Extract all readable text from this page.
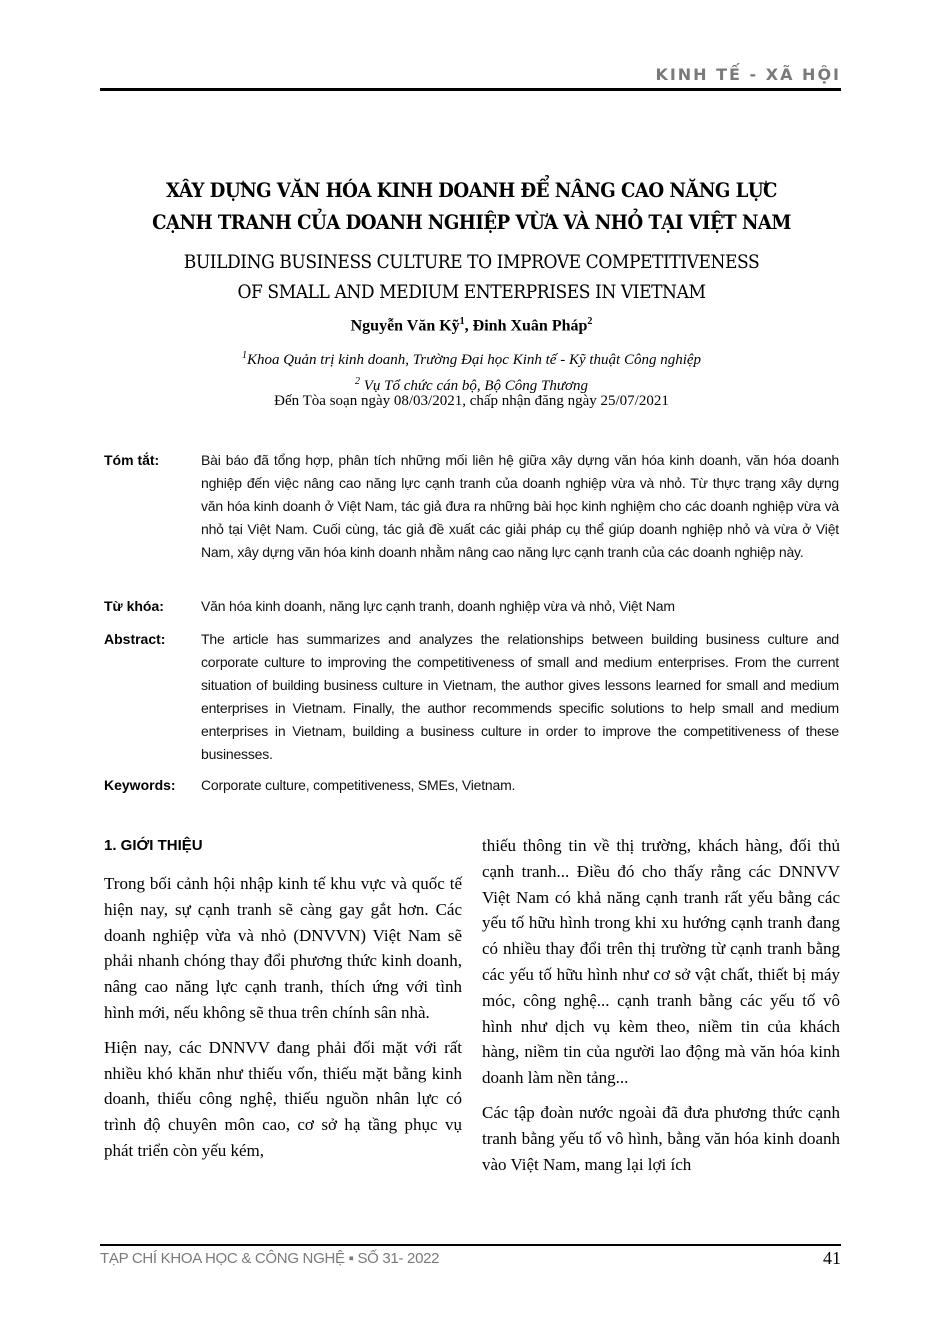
KINH TẾ - XÃ HỘI
XÂY DỰNG VĂN HÓA KINH DOANH ĐỂ NÂNG CAO NĂNG LỰC
CẠNH TRANH CỦA DOANH NGHIỆP VỪA VÀ NHỎ TẠI VIỆT NAM
BUILDING BUSINESS CULTURE TO IMPROVE COMPETITIVENESS
OF SMALL AND MEDIUM ENTERPRISES IN VIETNAM
Nguyễn Văn Kỹ$^1$, Đinh Xuân Pháp$^2$
$^1$Khoa Quản trị kinh doanh, Trường Đại học Kinh tế - Kỹ thuật Công nghiệp
$^2$ Vụ Tổ chức cán bộ, Bộ Công Thương
Đến Tòa soạn ngày 08/03/2021, chấp nhận đăng ngày 25/07/2021
Tóm tắt:	Bài báo đã tổng hợp, phân tích những mối liên hệ giữa xây dựng văn hóa kinh doanh, văn hóa doanh nghiệp đến việc nâng cao năng lực cạnh tranh của doanh nghiệp vừa và nhỏ. Từ thực trạng xây dựng văn hóa kinh doanh ở Việt Nam, tác giả đưa ra những bài học kinh nghiệm cho các doanh nghiệp vừa và nhỏ tại Việt Nam. Cuối cùng, tác giả đề xuất các giải pháp cụ thể giúp doanh nghiệp nhỏ và vừa ở Việt Nam, xây dựng văn hóa kinh doanh nhằm nâng cao năng lực cạnh tranh của các doanh nghiệp này.
Từ khóa:	Văn hóa kinh doanh, năng lực cạnh tranh, doanh nghiệp vừa và nhỏ, Việt Nam
Abstract:	The article has summarizes and analyzes the relationships between building business culture and corporate culture to improving the competitiveness of small and medium enterprises. From the current situation of building business culture in Vietnam, the author gives lessons learned for small and medium enterprises in Vietnam. Finally, the author recommends specific solutions to help small and medium enterprises in Vietnam, building a business culture in order to improve the competitiveness of these businesses.
Keywords:	Corporate culture, competitiveness, SMEs, Vietnam.
1. GIỚI THIỆU

Trong bối cảnh hội nhập kinh tế khu vực và quốc tế hiện nay, sự cạnh tranh sẽ càng gay gắt hơn. Các doanh nghiệp vừa và nhỏ (DNVVN) Việt Nam sẽ phải nhanh chóng thay đổi phương thức kinh doanh, nâng cao năng lực cạnh tranh, thích ứng với tình hình mới, nếu không sẽ thua trên chính sân nhà.

Hiện nay, các DNNVV đang phải đối mặt với rất nhiều khó khăn như thiếu vốn, thiếu mặt bằng kinh doanh, thiếu công nghệ, thiếu nguồn nhân lực có trình độ chuyên môn cao, cơ sở hạ tầng phục vụ phát triển còn yếu kém,

thiếu thông tin về thị trường, khách hàng, đối thủ cạnh tranh... Điều đó cho thấy rằng các DNNVV Việt Nam có khả năng cạnh tranh rất yếu bằng các yếu tố hữu hình trong khi xu hướng cạnh tranh đang có nhiều thay đổi trên thị trường từ cạnh tranh bằng các yếu tố hữu hình như cơ sở vật chất, thiết bị máy móc, công nghệ... cạnh tranh bằng các yếu tố vô hình như dịch vụ kèm theo, niềm tin của khách hàng, niềm tin của người lao động mà văn hóa kinh doanh làm nền tảng...

Các tập đoàn nước ngoài đã đưa phương thức cạnh tranh bằng yếu tố vô hình, bằng văn hóa kinh doanh vào Việt Nam, mang lại lợi ích

TẠP CHÍ KHOA HỌC & CÔNG NGHỆ ▪ SỐ 31- 2022	41
